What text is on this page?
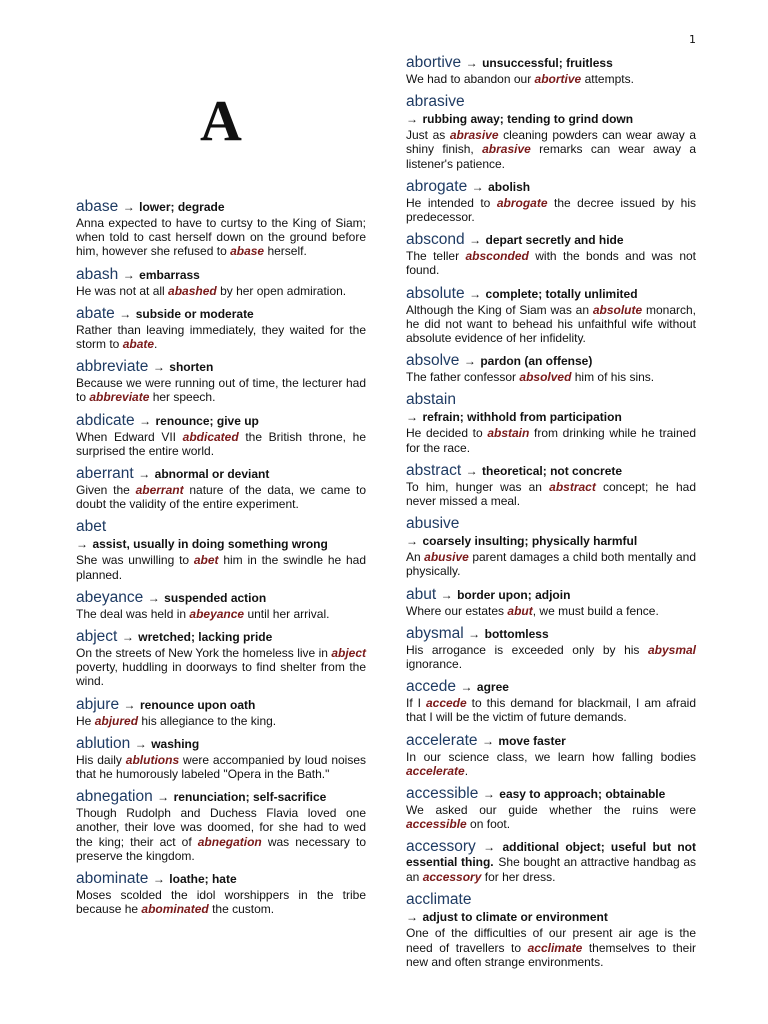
1
A
abase → lower; degrade
Anna expected to have to curtsy to the King of Siam; when told to cast herself down on the ground before him, however she refused to abase herself.
abash → embarrass
He was not at all abashed by her open admiration.
abate → subside or moderate
Rather than leaving immediately, they waited for the storm to abate.
abbreviate → shorten
Because we were running out of time, the lecturer had to abbreviate her speech.
abdicate → renounce; give up
When Edward VII abdicated the British throne, he surprised the entire world.
aberrant → abnormal or deviant
Given the aberrant nature of the data, we came to doubt the validity of the entire experiment.
abet
→ assist, usually in doing something wrong
She was unwilling to abet him in the swindle he had planned.
abeyance → suspended action
The deal was held in abeyance until her arrival.
abject → wretched; lacking pride
On the streets of New York the homeless live in abject poverty, huddling in doorways to find shelter from the wind.
abjure → renounce upon oath
He abjured his allegiance to the king.
ablution → washing
His daily ablutions were accompanied by loud noises that he humorously labeled "Opera in the Bath."
abnegation → renunciation; self-sacrifice
Though Rudolph and Duchess Flavia loved one another, their love was doomed, for she had to wed the king; their act of abnegation was necessary to preserve the kingdom.
abominate → loathe; hate
Moses scolded the idol worshippers in the tribe because he abominated the custom.
abortive → unsuccessful; fruitless
We had to abandon our abortive attempts.
abrasive
→ rubbing away; tending to grind down
Just as abrasive cleaning powders can wear away a shiny finish, abrasive remarks can wear away a listener's patience.
abrogate → abolish
He intended to abrogate the decree issued by his predecessor.
abscond → depart secretly and hide
The teller absconded with the bonds and was not found.
absolute → complete; totally unlimited
Although the King of Siam was an absolute monarch, he did not want to behead his unfaithful wife without absolute evidence of her infidelity.
absolve → pardon (an offense)
The father confessor absolved him of his sins.
abstain
→ refrain; withhold from participation
He decided to abstain from drinking while he trained for the race.
abstract → theoretical; not concrete
To him, hunger was an abstract concept; he had never missed a meal.
abusive
→ coarsely insulting; physically harmful
An abusive parent damages a child both mentally and physically.
abut → border upon; adjoin
Where our estates abut, we must build a fence.
abysmal → bottomless
His arrogance is exceeded only by his abysmal ignorance.
accede → agree
If I accede to this demand for blackmail, I am afraid that I will be the victim of future demands.
accelerate → move faster
In our science class, we learn how falling bodies accelerate.
accessible → easy to approach; obtainable
We asked our guide whether the ruins were accessible on foot.
accessory → additional object; useful but not essential thing. She bought an attractive handbag as an accessory for her dress.
acclimate
→ adjust to climate or environment
One of the difficulties of our present air age is the need of travellers to acclimate themselves to their new and often strange environments.
